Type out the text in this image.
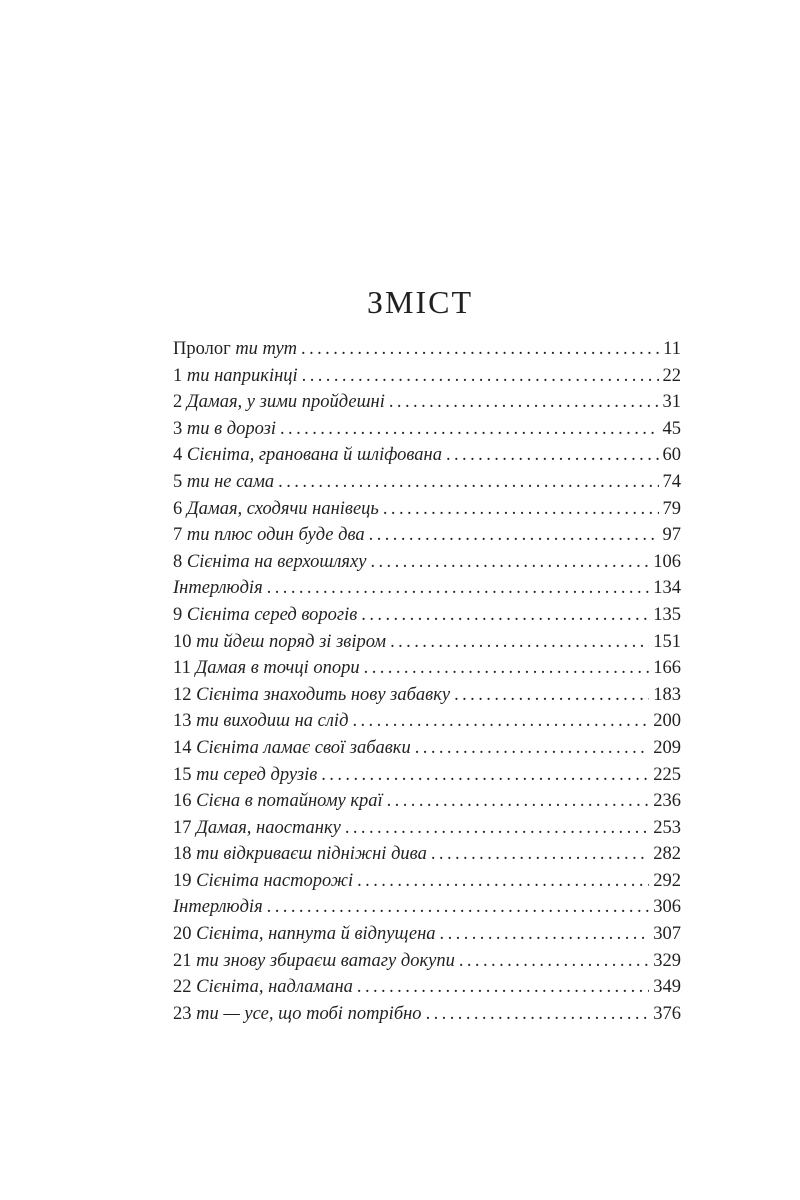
ЗМІСТ
Пролог ти тут . . .	11
1 ти наприкінці . . .	22
2 Дамая, у зими пройдешні . . .	31
3 ти в дорозі . . .	45
4 Сієніта, гранована й шліфована . . .	60
5 ти не сама . . .	74
6 Дамая, сходячи нанівець . . .	79
7 ти плюс один буде два . . .	97
8 Сієніта на верхошляху . . .	106
Інтерлюдія . . .	134
9 Сієніта серед ворогів . . .	135
10 ти йдеш поряд зі звіром . . .	151
11 Дамая в точці опори . . .	166
12 Сієніта знаходить нову забавку . . .	183
13 ти виходиш на слід . . .	200
14 Сієніта ламає свої забавки . . .	209
15 ти серед друзів . . .	225
16 Сієна в потайному краї . . .	236
17 Дамая, наостанку . . .	253
18 ти відкриваєш підніжні дива . . .	282
19 Сієніта насторожі . . .	292
Інтерлюдія . . .	306
20 Сієніта, напнута й відпущена . . .	307
21 ти знову збираєш ватагу докупи . . .	329
22 Сієніта, надламана . . .	349
23 ти — усе, що тобі потрібно . . .	376
